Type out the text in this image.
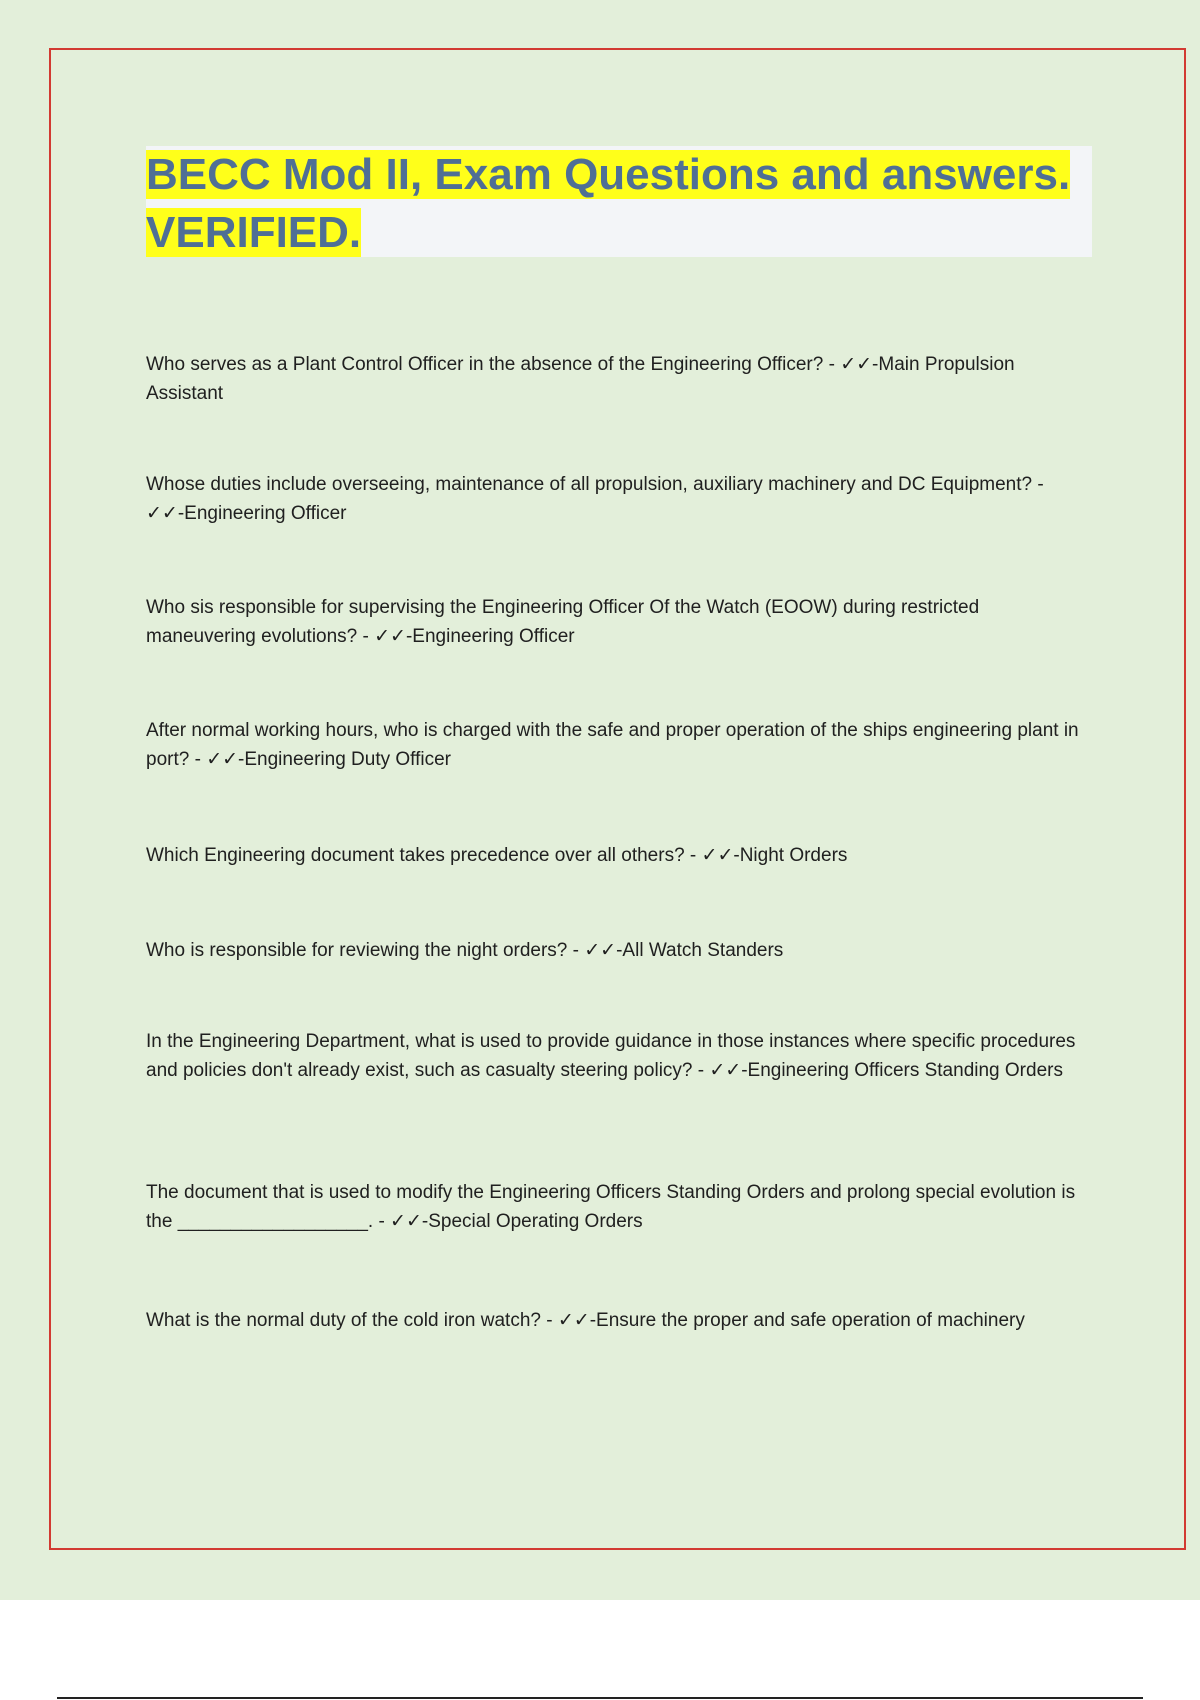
BECC Mod II, Exam Questions and answers. VERIFIED.

Who serves as a Plant Control Officer in the absence of the Engineering Officer? - ✓✓-Main Propulsion Assistant

Whose duties include overseeing, maintenance of all propulsion, auxiliary machinery and DC Equipment? - ✓✓-Engineering Officer

Who sis responsible for supervising the Engineering Officer Of the Watch (EOOW) during restricted maneuvering evolutions? - ✓✓-Engineering Officer

After normal working hours, who is charged with the safe and proper operation of the ships engineering plant in port? - ✓✓-Engineering Duty Officer

Which Engineering document takes precedence over all others? - ✓✓-Night Orders

Who is responsible for reviewing the night orders? - ✓✓-All Watch Standers

In the Engineering Department, what is used to provide guidance in those instances where specific procedures and policies don't already exist, such as casualty steering policy? - ✓✓-Engineering Officers Standing Orders

The document that is used to modify the Engineering Officers Standing Orders and prolong special evolution is the __________________. - ✓✓-Special Operating Orders

What is the normal duty of the cold iron watch? - ✓✓-Ensure the proper and safe operation of machinery
